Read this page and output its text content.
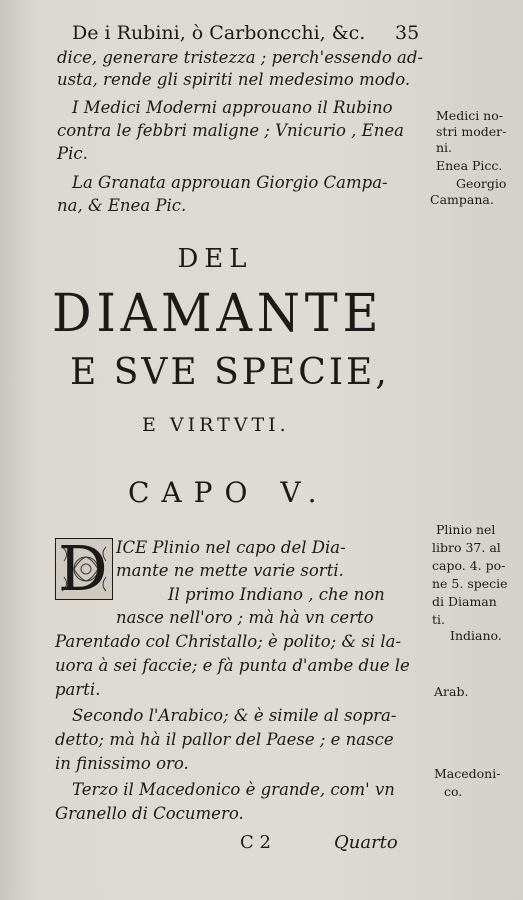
De i Rubini, ò Carboncchi, &c. 35

dice, generare tristezza ; perch'essendo ad-

usta, rende gli spiriti nel medesimo modo.

I Medici Moderni approuano il Rubino

contra le febbri maligne ; Vnicurio , Enea

Pic.

La Granata approuan Giorgio Campa-

na, & Enea Pic.

DEL
DIAMANTE
E SVE SPECIE,
E VIRTVTI.
CAPO V.
D ICE Plinio nel capo del Dia-

mante ne mette varie sorti.

Il primo Indiano , che non

nasce nell'oro ; mà hà vn certo

Parentado col Christallo; è polito; & si la-

uora à sei faccie; e fà punta d'ambe due le

parti.

Secondo l'Arabico; & è simile al sopra-

detto; mà hà il pallor del Paese ; e nasce

in finissimo oro.

Terzo il Macedonico è grande, com' vn

Granello di Cocumero.

C 2	Quarto
Medici no-
stri moder-
ni.
Enea Picc.
Georgio
Campana.
Plinio nel
libro 37. al
capo. 4. po-
ne 5. specie
di Diaman
ti.
Indiano.
Arab.
Macedoni-
co.
